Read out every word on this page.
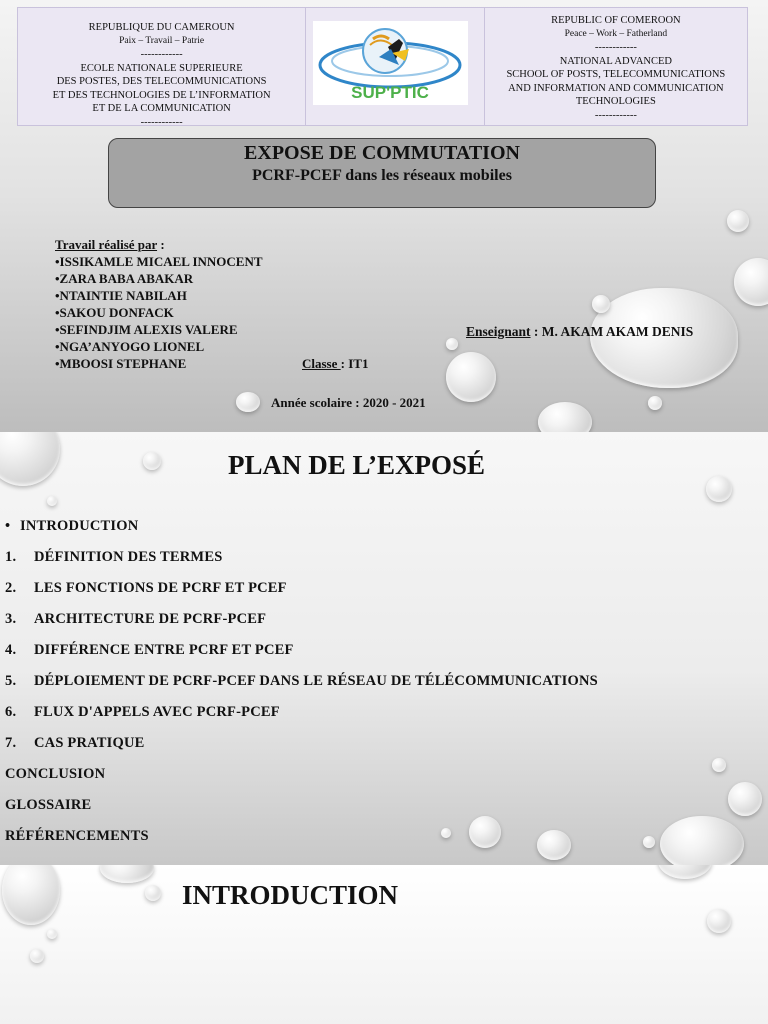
REPUBLIQUE DU CAMEROUN
Paix – Travail – Patrie
------------
ECOLE NATIONALE SUPERIEURE
DES POSTES, DES TELECOMMUNICATIONS
ET DES TECHNOLOGIES DE L’INFORMATION
ET DE LA COMMUNICATION
------------
SUP'PTIC
REPUBLIC OF COMEROON
Peace – Work – Fatherland
------------
NATIONAL ADVANCED
SCHOOL OF POSTS, TELECOMMUNICATIONS
AND INFORMATION AND COMMUNICATION
TECHNOLOGIES
------------
EXPOSE DE COMMUTATION
PCRF-PCEF dans les réseaux mobiles
Travail réalisé par :
•ISSIKAMLE MICAEL INNOCENT
•ZARA BABA ABAKAR
•NTAINTIE NABILAH
•SAKOU DONFACK
•SEFINDJIM ALEXIS VALERE
•NGA’ANYOGO LIONEL
•MBOOSI STEPHANE
Enseignant : M. AKAM AKAM DENIS
Classe : IT1
Année scolaire : 2020 - 2021
PLAN DE L’EXPOSÉ
• INTRODUCTION
1.	DÉFINITION DES TERMES
2.	LES FONCTIONS DE PCRF ET PCEF
3.	ARCHITECTURE DE PCRF-PCEF
4.	DIFFÉRENCE ENTRE PCRF ET PCEF
5.	DÉPLOIEMENT DE PCRF-PCEF DANS LE RÉSEAU DE TÉLÉCOMMUNICATIONS
6.	FLUX D'APPELS AVEC PCRF-PCEF
7.	CAS PRATIQUE
CONCLUSION
GLOSSAIRE
RÉFÉRENCEMENTS
INTRODUCTION
